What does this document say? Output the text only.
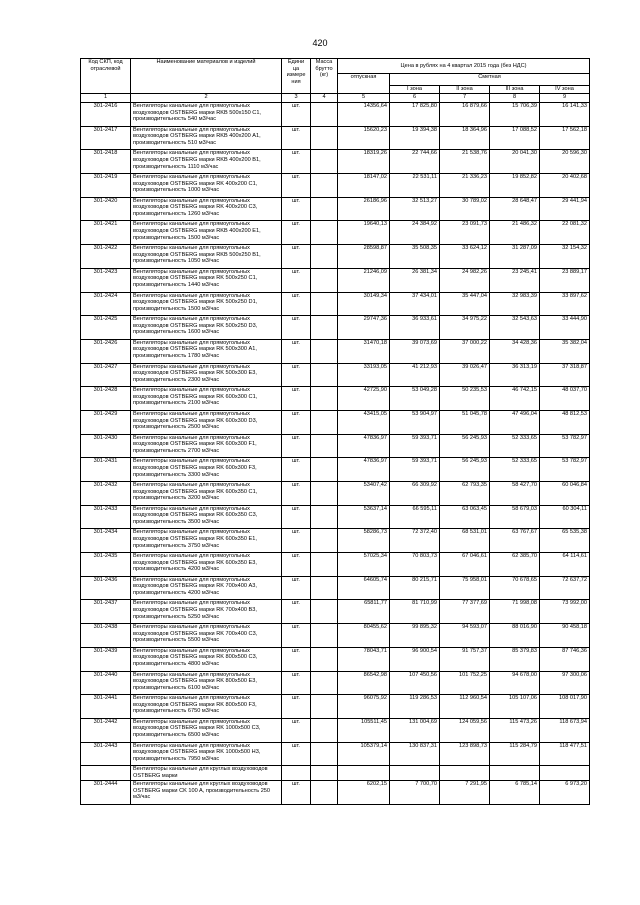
420
Код СКП, код отраслевой	Наименование материалов и изделий	Едини ца измере ния	Масса брутто (кг)	Цена в рублях на 4 квартал 2015 года (без НДС)				
				отпускная	Сметная			
					I зона	II зона	III зона	IV зона
1	2	3	4	5	6	7	8	9
301-2416	Вентиляторы канальные для прямоугольных воздуховодов OSTBERG марки RKB 500х150 C1, производительность 540 м3/час	шт.		14356,64	17 825,80	16 879,66	15 706,39	16 141,33
301-2417	Вентиляторы канальные для прямоугольных воздуховодов OSTBERG марки RKB 400х200 A1, производительность 510 м3/час	шт.		15620,23	19 394,38	18 364,96	17 088,52	17 562,18
301-2418	Вентиляторы канальные для прямоугольных воздуховодов OSTBERG марки RKB 400х200 B1, производительность 1110 м3/час	шт.		18319,26	22 744,66	21 538,76	20 041,30	20 596,30
301-2419	Вентиляторы канальные для прямоугольных воздуховодов OSTBERG марки RK 400х200 C1, производительность 1000 м3/час	шт.		18147,02	22 531,11	21 336,23	19 852,82	20 402,68
301-2420	Вентиляторы канальные для прямоугольных воздуховодов OSTBERG марки RK 400х200 C3, производительность 1260 м3/час	шт.		26186,96	32 513,27	30 789,02	28 648,47	29 441,94
301-2421	Вентиляторы канальные для прямоугольных воздуховодов OSTBERG марки RKB 400х200 E1, производительность 1500 м3/час	шт.		19640,13	24 384,92	23 091,73	21 486,32	22 081,32
301-2422	Вентиляторы канальные для прямоугольных воздуховодов OSTBERG марки RKB 500х250 B1, производительность 1050 м3/час	шт.		28598,87	35 508,35	33 624,12	31 287,09	32 154,32
301-2423	Вентиляторы канальные для прямоугольных воздуховодов OSTBERG марки RK 500х250 C1, производительность 1440 м3/час	шт.		21246,09	26 381,34	24 982,26	23 245,41	23 889,17
301-2424	Вентиляторы канальные для прямоугольных воздуховодов OSTBERG марки RK 500х250 D1, производительность 1500 м3/час	шт.		30149,34	37 434,01	35 447,04	32 983,39	33 897,62
301-2425	Вентиляторы канальные для прямоугольных воздуховодов OSTBERG марки RK 500х250 D3, производительность 1600 м3/час	шт.		29747,36	36 933,61	34 975,22	32 543,63	33 444,90
301-2426	Вентиляторы канальные для прямоугольных воздуховодов OSTBERG марки RK 500х300 A1, производительность 1780 м3/час	шт.		31470,18	39 073,69	37 000,22	34 428,36	35 382,04
301-2427	Вентиляторы канальные для прямоугольных воздуховодов OSTBERG марки RK 500х300 E3, производительность 2300 м3/час	шт.		33193,05	41 212,93	39 026,47	36 313,19	37 318,87
301-2428	Вентиляторы канальные для прямоугольных воздуховодов OSTBERG марки RK 600х300 C1, производительность 2100 м3/час	шт.		42725,90	53 049,28	50 235,53	46 742,15	48 037,70
301-2429	Вентиляторы канальные для прямоугольных воздуховодов OSTBERG марки RK 600х300 D3, производительность 2500 м3/час	шт.		43415,05	53 904,97	51 045,78	47 496,04	48 812,53
301-2430	Вентиляторы канальные для прямоугольных воздуховодов OSTBERG марки RK 600х300 F1, производительность 2700 м3/час	шт.		47836,97	59 393,71	56 245,93	52 333,65	53 782,97
301-2431	Вентиляторы канальные для прямоугольных воздуховодов OSTBERG марки RK 600х300 F3, производительность 3300 м3/час	шт.		47836,97	59 393,71	56 245,93	52 333,65	53 782,97
301-2432	Вентиляторы канальные для прямоугольных воздуховодов OSTBERG марки RK 600х350 C1, производительность 3200 м3/час	шт.		53407,42	66 309,92	62 793,35	58 427,70	60 046,84
301-2433	Вентиляторы канальные для прямоугольных воздуховодов OSTBERG марки RK 600х350 C3, производительность 3500 м3/час	шт.		53637,14	66 595,11	63 063,45	58 679,03	60 304,11
301-2434	Вентиляторы канальные для прямоугольных воздуховодов OSTBERG марки RK 600х350 E1, производительность 3750 м3/час	шт.		58286,73	72 372,40	68 531,01	63 767,67	65 535,38
301-2435	Вентиляторы канальные для прямоугольных воздуховодов OSTBERG марки RK 600х350 E3, производительность 4200 м3/час	шт.		57025,34	70 803,73	67 046,61	62 385,70	64 114,61
301-2436	Вентиляторы канальные для прямоугольных воздуховодов OSTBERG марки RK 700х400 A3, производительность 4200 м3/час	шт.		64605,74	80 215,71	75 958,01	70 678,65	72 637,72
301-2437	Вентиляторы канальные для прямоугольных воздуховодов OSTBERG марки RK 700х400 B3, производительность 5250 м3/час	шт.		65811,77	81 710,99	77 377,69	71 998,08	73 992,00
301-2438	Вентиляторы канальные для прямоугольных воздуховодов OSTBERG марки RK 700х400 C3, производительность 5500 м3/час	шт.		80455,62	99 895,32	94 593,07	88 016,90	90 458,18
301-2439	Вентиляторы канальные для прямоугольных воздуховодов OSTBERG марки RK 800х500 C3, производительность 4800 м3/час	шт.		78043,71	96 900,54	91 757,37	85 379,83	87 746,36
301-2440	Вентиляторы канальные для прямоугольных воздуховодов OSTBERG марки RK 800х500 E3, производительность 6100 м3/час	шт.		86542,98	107 450,56	101 752,25	94 678,00	97 300,06
301-2441	Вентиляторы канальные для прямоугольных воздуховодов OSTBERG марки RK 800х500 F3, производительность 6750 м3/час	шт.		96075,92	119 286,53	112 960,54	105 107,06	108 017,90
301-2442	Вентиляторы канальные для прямоугольных воздуховодов OSTBERG марки RK 1000х500 C3, производительность 6500 м3/час	шт.		105511,45	131 004,69	124 059,56	115 473,26	118 673,94
301-2443	Вентиляторы канальные для прямоугольных воздуховодов OSTBERG марки RK 1000х500 H3, производительность 7950 м3/час	шт.		105379,14	130 837,31	123 898,73	115 284,79	118 477,51
	Вентиляторы канальные для круглых воздуховодов OSTBERG марки							
301-2444	Вентиляторы канальные для круглых воздуховодов OSTBERG марки CK 100 A, производительность 250 м3/час	шт.		6202,15	7 700,70	7 291,95	6 785,14	6 973,20
